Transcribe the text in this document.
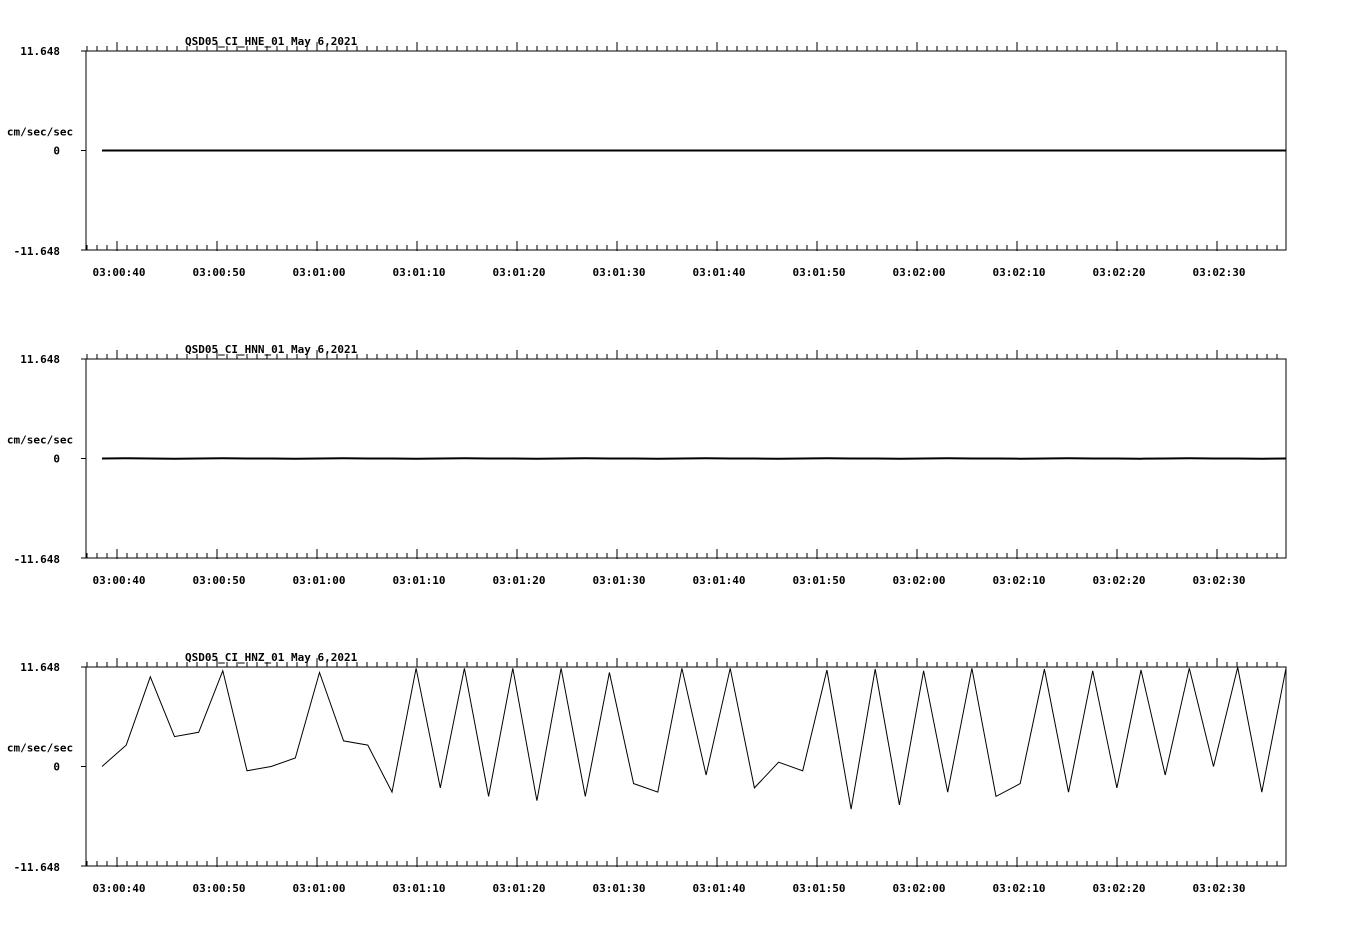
03:00:40	03:00:50	03:01:00	03:01:10	03:01:20	03:01:30	03:01:40	03:01:50	03:02:00	03:02:10	03:02:20	03:02:30
11.648
0
-11.648
cm/sec/sec
QSD05_CI_HNE_01 May 6,2021
03:00:40	03:00:50	03:01:00	03:01:10	03:01:20	03:01:30	03:01:40	03:01:50	03:02:00	03:02:10	03:02:20	03:02:30
11.648
0
-11.648
cm/sec/sec
QSD05_CI_HNN_01 May 6,2021
03:00:40	03:00:50	03:01:00	03:01:10	03:01:20	03:01:30	03:01:40	03:01:50	03:02:00	03:02:10	03:02:20	03:02:30
11.648
0
-11.648
cm/sec/sec
QSD05_CI_HNZ_01 May 6,2021
